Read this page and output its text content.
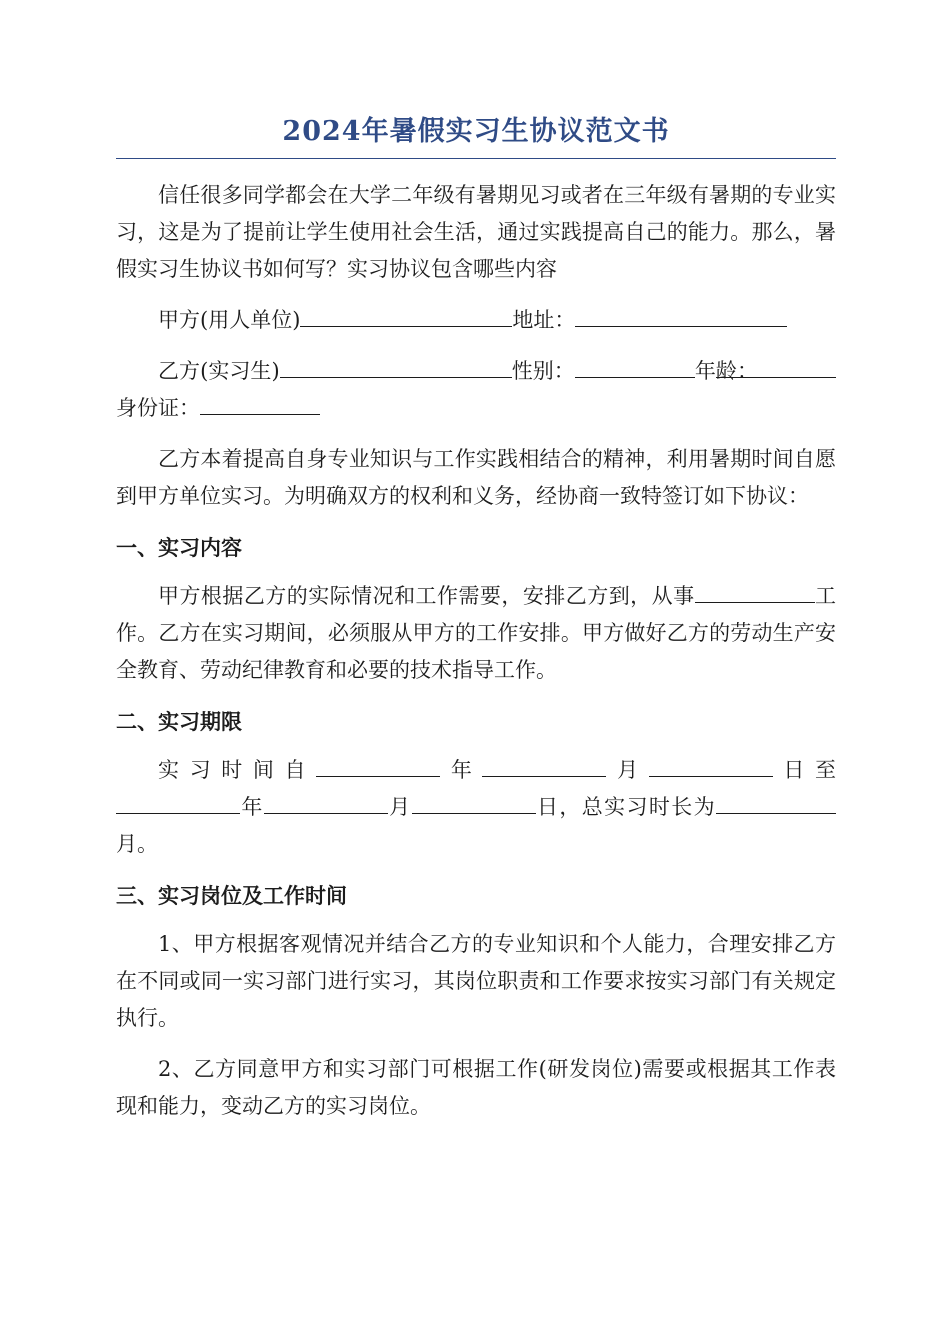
2024年暑假实习生协议范文书

信任很多同学都会在大学二年级有暑期见习或者在三年级有暑期的专业实习，这是为了提前让学生使用社会生活，通过实践提高自己的能力。那么，暑假实习生协议书如何写？实习协议包含哪些内容

甲方(用人单位)	地址：

乙方(实习生)	性别：	年龄：身份证：

乙方本着提高自身专业知识与工作实践相结合的精神，利用暑期时间自愿到甲方单位实习。为明确双方的权利和义务，经协商一致特签订如下协议：

一、实习内容

甲方根据乙方的实际情况和工作需要，安排乙方到，从事	工作。乙方在实习期间，必须服从甲方的工作安排。甲方做好乙方的劳动生产安全教育、劳动纪律教育和必要的技术指导工作。

二、实习期限

实习时间自	年	月	日至年	月	日，总实习时长为月。

三、实习岗位及工作时间

1、甲方根据客观情况并结合乙方的专业知识和个人能力，合理安排乙方在不同或同一实习部门进行实习，其岗位职责和工作要求按实习部门有关规定执行。

2、乙方同意甲方和实习部门可根据工作(研发岗位)需要或根据其工作表现和能力，变动乙方的实习岗位。
